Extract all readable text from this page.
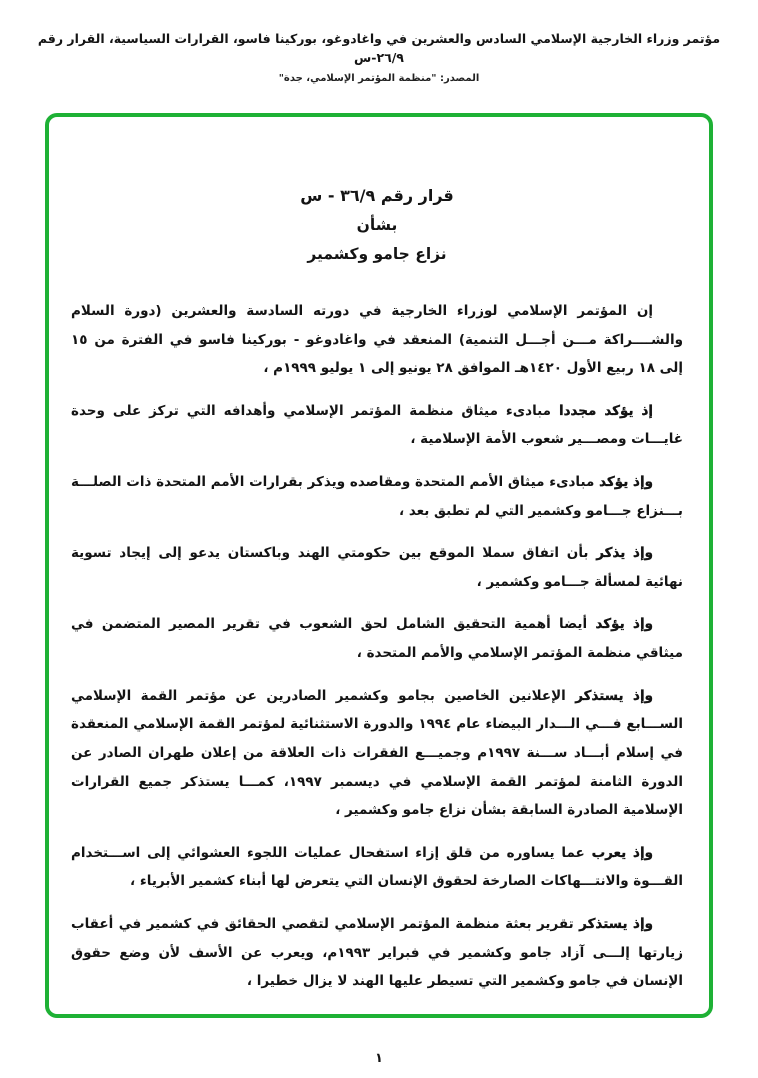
مؤتمر وزراء الخارجية الإسلامي السادس والعشرين في واغادوغو، بوركينا فاسو، القرارات السياسية، القرار رقم ٢٦/٩-س
المصدر: "منظمة المؤتمر الإسلامي، جدة"
قرار رقم ٣٦/٩ - س
بشأن
نزاع جامو وكشمير

إن المؤتمر الإسلامي لوزراء الخارجية في دورته السادسة والعشرين (دورة السلام والشــــراكة مـــن أجـــل التنمية) المنعقد في واغادوغو - بوركينا فاسو في الفترة من ١٥ إلى ١٨ ربيع الأول ١٤٢٠هـ الموافق ٢٨ يونيو إلى ١ يوليو ١٩٩٩م ،

إذ يؤكد مجددا مبادىء ميثاق منظمة المؤتمر الإسلامي وأهدافه التي تركز على وحدة غايـــات ومصـــير شعوب الأمة الإسلامية ،

وإذ يؤكد مبادىء ميثاق الأمم المتحدة ومقاصده ويذكر بقرارات الأمم المتحدة ذات الصلـــة بـــنزاع جـــامو وكشمير التي لم تطبق بعد ،

وإذ يذكر بأن اتفاق سملا الموقع بين حكومتي الهند وباكستان يدعو إلى إيجاد تسوية نهائية لمسألة جـــامو وكشمير ،

وإذ يؤكد أيضا أهمية التحقيق الشامل لحق الشعوب في تقرير المصير المتضمن في ميثاقي منظمة المؤتمر الإسلامي والأمم المتحدة ،

وإذ يستذكر الإعلانين الخاصين بجامو وكشمير الصادرين عن مؤتمر القمة الإسلامي الســـابع فـــي الـــدار البيضاء عام ١٩٩٤ والدورة الاستثنائية لمؤتمر القمة الإسلامي المنعقدة في إسلام أبـــاد ســـنة ١٩٩٧م وجميـــع الفقرات ذات العلاقة من إعلان طهران الصادر عن الدورة الثامنة لمؤتمر القمة الإسلامي في ديسمبر ١٩٩٧، كمـــا يستذكر جميع القرارات الإسلامية الصادرة السابقة بشأن نزاع جامو وكشمير ،

وإذ يعرب عما يساوره من قلق إزاء استفحال عمليات اللجوء العشوائي إلى اســـتخدام القـــوة والانتـــهاكات الصارخة لحقوق الإنسان التي يتعرض لها أبناء كشمير الأبرياء ،

وإذ يستذكر تقرير بعثة منظمة المؤتمر الإسلامي لتقصي الحقائق في كشمير في أعقاب زيارتها إلـــى آزاد جامو وكشمير في فبراير ١٩٩٣م، ويعرب عن الأسف لأن وضع حقوق الإنسان في جامو وكشمير التي تسيطر عليها الهند لا يزال خطيرا ،

١
